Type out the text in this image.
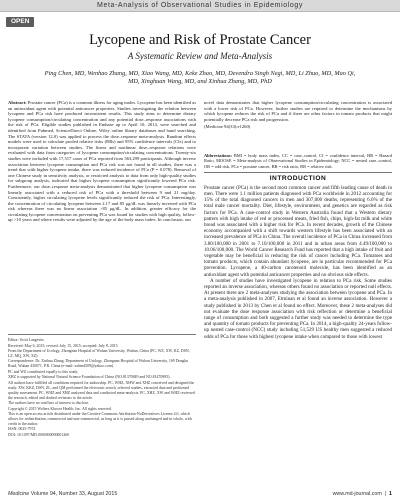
Meta-Analysis of Observational Studies in Epidemiology
OPEN
Lycopene and Risk of Prostate Cancer
A Systematic Review and Meta-Analysis
Ping Chen, MD, Wenhao Zhang, MD, Xiao Wang, MD, Keke Zhao, MD, Devendra Singh Negi, MD, Li Zhuo, MD, Mao Qi, MD, Xinghuan Wang, MD, and Xinhua Zhang, MD, PhD
Abstract: Prostate cancer (PCa) is a common illness for aging males. Lycopene has been identified as an antioxidant agent with potential anticancer properties. Studies investigating the relation between lycopene and PCa risk have produced inconsistent results. This study aims to determine dietary lycopene consumption/circulating concentration and any potential dose–response associations with the risk of PCa. Eligible studies published in Embase up to April 10, 2014, were searched and identified from Pubmed, ScienceDirect Online, Wiley online library databases and hand searching. The STATA (version 12.0) was applied to process the dose–response meta-analysis. Random effects models were used to calculate pooled relative risks (RRs) and 95% confidence intervals (CIs) and to incorporate variation between studies. The linear and nonlinear dose–response relations were evaluated with data from categories of lycopene consumption/circulating concentrations. Twenty-six studies were included with 17,517 cases of PCa reported from 563,299 participants. Although inverse association between lycopene consumption and PCa risk was not found in all studies, there was a trend that with higher lycopene intake, there was reduced incidence of PCa (P = 0.078). Removal of one Chinese study in sensitivity analysis, or restricted analysis to data from only high-quality studies for subgroup analysis, indicated that higher lycopene consumption significantly lowered PCa risk. Furthermore, our dose–response meta-analysis demonstrated that higher lycopene consumption was linearly associated with a reduced risk of PCa with a threshold between 9 and 21 mg/day. Consistently, higher circulating lycopene levels significantly reduced the risk of PCa. Interestingly, the concentration of circulating lycopene between 2.17 and 85 μg/dL was linearly inversed with PCa risk whereas there was no linear association >85 μg/dL. In addition, greater efficacy for the circulating lycopene concentration on preventing PCa was found for studies with high quality, follow-up >10 years and where results were adjusted by the age of the body mass index. In conclusion, our

Editor: Scott Langevin.

Received: May 6, 2015; revised: July 15, 2015; accepted: July 8, 2015.

From the Department of Urology, Zhongnan Hospital of Wuhan University, Wuhan, China (PC, WZ, XW, KZ, DSN, LZ, MQ, XW, XZ).

Correspondence: Dr. Xinhua Zhang, Department of Urology, Zhongnan Hospital of Wuhan University, 169 Donghu Road, Wuhan 430071, P.R. China (e-mail: zxhmd509@yahoo.com).

PC and WZ contributed equally to this study.

XHZ is supported by National Natural Science Foundation of China (NO.81370849 and NO.81470985).

All authors have fulfilled all conditions required for authorship. PC, WHZ, XHW and XHZ conceived and designed the study. XW, KKZ, DSN, ZL, and QM performed the electronic search, selected studies, extracted data and performed quality assessment. PC, WHZ and XHZ analyzed data and conducted meta-analysis. PC, XHZ, XW and WHZ reviewed the research, edited and drafted revisions to the article.

The authors have no conflicts of interest to disclose.

Copyright © 2015 Wolters Kluwer Health, Inc. All rights reserved.

This is an open access article distributed under the Creative Commons Attribution-NoDerivatives License 4.0, which allows for redistribution, commercial and non-commercial, as long as it is passed along unchanged and in whole, with credit to the author.

ISSN: 0025-7974

DOI: 10.1097/MD.0000000000001260

novel data demonstrates that higher lycopene consumption/circulating concentration is associated with a lower risk of PCa. However, further studies are required to determine the mechanisms by which lycopene reduces the risk of PCa and if there are other factors in tomato products that might potentially decrease PCa risk and progression.
(Medicine 94(33):e1260)
Abbreviations: BMI = body mass index, CC = case–control, CI = confidence interval, HR = Hazard Ratio, MOOSE = Meta-analysis of Observational Studies in Epidemiology, NCC = nested case–control, OR = odd risk, PCa = prostate cancer, RR = risk ratio, RR = relative risk.
INTRODUCTION
Prostate cancer (PCa) is the second most common cancer and fifth leading cause of death in men. There were 1.1 million patients diagnosed with PCa worldwide in 2012 accounting for 15% of the total diagnosed cancers in men and 307,000 deaths, representing 6.6% of the total male cancer mortality. Diet, lifestyle, environment, and genetics are regarded as risk factors for PCa. A case-control study in Western Australia found that a Western dietary pattern with high intake of red or processed meats, fried fish, chips, high-fat milk and white bread was associated with a higher risk for PCa. In recent decades, growth of the Chinese economy accompanied with a shift towards western lifestyle has been associated with an increased prevalence of PCa in China. The overall incidence of PCa in China increased from 3.80/100,000 in 2001 to 7.10/100,000 in 2011 and in urban areas from 4.49/100,000 to 10.06/100,000. The World Cancer Research Fund has reported that a high intake of fruit and vegetable may be beneficial in reducing the risk of cancer including PCa. Tomatoes and tomato products, which contain abundant lycopene, are in particular recommended for PCa prevention. Lycopene, a 40-carbon carotenoid molecule, has been identified as an antioxidant agent with potential anticancer properties and no obvious side effects.
A number of studies have investigated lycopene in relation to PCa risk. Some studies reported an inverse association, whereas others found no association or reported null effects. At present there are 2 meta-analyses studying the association between lycopene and PCa. In a meta-analysis published in 2007, Etminan et al found an inverse association. However a study published in 2013 by Chen et al found no effect. Moreover, these 2 meta-analyses did not evaluate the dose response association with risk reflection or determine a beneficial range of consumption and both suggested a further study was needed to determine the type and quantity of tomato products for preventing PCa. In 2014, a high-quality 24-years follow-up nested case-control (NCC) study including 51,529 US healthy men suggested a reduced odds of PCa for those with highest lycopene intake when compared to those with lowest
Medicine Volume 94, Number 33, August 2015	www.md-journal.com  |  1
